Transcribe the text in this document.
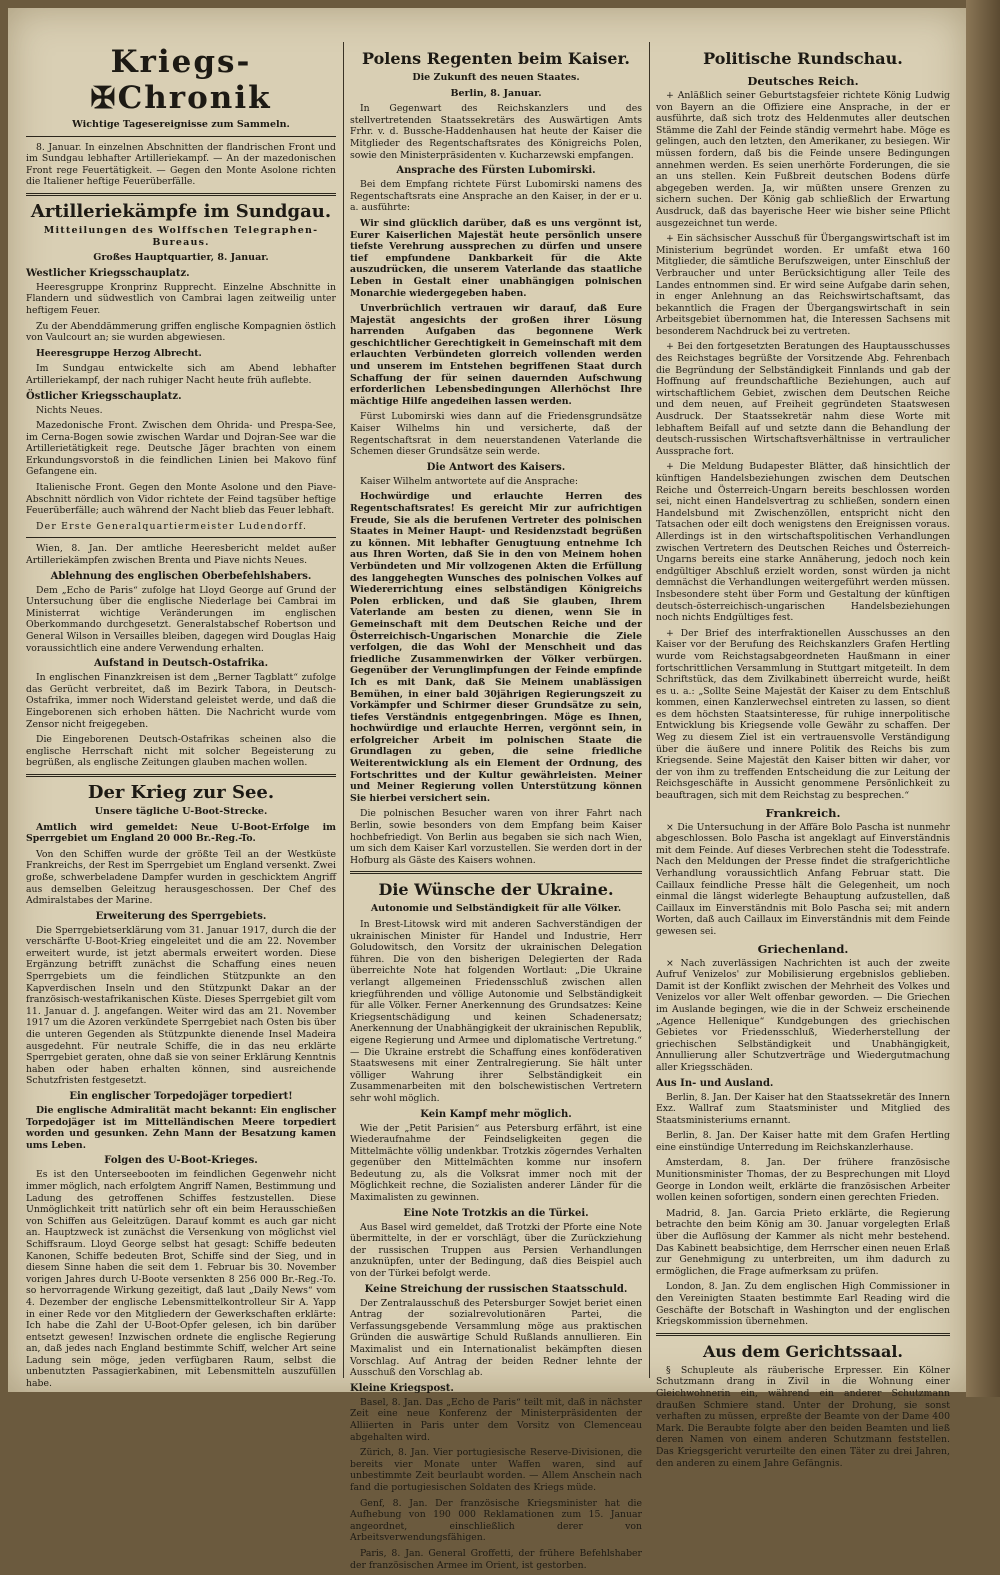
Kriegs-✠Chronik
Wichtige Tagesereignisse zum Sammeln.

8. Januar. In einzelnen Abschnitten der flandrischen Front und im Sundgau lebhafter Artilleriekampf. — An der mazedonischen Front rege Feuertätigkeit. — Gegen den Monte Asolone richten die Italiener heftige Feuerüberfälle.

Artilleriekämpfe im Sundgau.
Mitteilungen des Wolffschen Telegraphen-Bureaus.
Großes Hauptquartier, 8. Januar.
Westlicher Kriegsschauplatz.

Heeresgruppe Kronprinz Rupprecht. Einzelne Abschnitte in Flandern und südwestlich von Cambrai lagen zeitweilig unter heftigem Feuer.

Zu der Abenddämmerung griffen englische Kompagnien östlich von Vaulcourt an; sie wurden abgewiesen.

Heeresgruppe Herzog Albrecht.

Im Sundgau entwickelte sich am Abend lebhafter Artilleriekampf, der nach ruhiger Nacht heute früh auflebte.

Östlicher Kriegsschauplatz.

Nichts Neues.

Mazedonische Front. Zwischen dem Ohrida- und Prespa-See, im Cerna-Bogen sowie zwischen Wardar und Dojran-See war die Artillerietätigkeit rege. Deutsche Jäger brachten von einem Erkundungsvorstoß in die feindlichen Linien bei Makovo fünf Gefangene ein.

Italienische Front. Gegen den Monte Asolone und den Piave-Abschnitt nördlich von Vidor richtete der Feind tagsüber heftige Feuerüberfälle; auch während der Nacht blieb das Feuer lebhaft.

Der Erste Generalquartiermeister Ludendorff.

Wien, 8. Jan. Der amtliche Heeresbericht meldet außer Artilleriekämpfen zwischen Brenta und Piave nichts Neues.

Ablehnung des englischen Oberbefehlshabers.

Dem „Echo de Paris“ zufolge hat Lloyd George auf Grund der Untersuchung über die englische Niederlage bei Cambrai im Ministerrat wichtige Veränderungen im englischen Oberkommando durchgesetzt. Generalstabschef Robertson und General Wilson in Versailles bleiben, dagegen wird Douglas Haig voraussichtlich eine andere Verwendung erhalten.

Aufstand in Deutsch-Ostafrika.

In englischen Finanzkreisen ist dem „Berner Tagblatt“ zufolge das Gerücht verbreitet, daß im Bezirk Tabora, in Deutsch-Ostafrika, immer noch Widerstand geleistet werde, und daß die Eingeborenen sich erhoben hätten. Die Nachricht wurde vom Zensor nicht freigegeben.

Die Eingeborenen Deutsch-Ostafrikas scheinen also die englische Herrschaft nicht mit solcher Begeisterung zu begrüßen, als englische Zeitungen glauben machen wollen.

Der Krieg zur See.
Unsere tägliche U-Boot-Strecke.

Amtlich wird gemeldet: Neue U-Boot-Erfolge im Sperrgebiet um England 20 000 Br.-Reg.-To.

Von den Schiffen wurde der größte Teil an der Westküste Frankreichs, der Rest im Sperrgebiet um England versenkt. Zwei große, schwerbeladene Dampfer wurden in geschicktem Angriff aus demselben Geleitzug herausgeschossen. Der Chef des Admiralstabes der Marine.

Erweiterung des Sperrgebiets.

Die Sperrgebietserklärung vom 31. Januar 1917, durch die der verschärfte U-Boot-Krieg eingeleitet und die am 22. November erweitert wurde, ist jetzt abermals erweitert worden. Diese Ergänzung betrifft zunächst die Schaffung eines neuen Sperrgebiets um die feindlichen Stützpunkte an den Kapverdischen Inseln und den Stützpunkt Dakar an der französisch-westafrikanischen Küste. Dieses Sperrgebiet gilt vom 11. Januar d. J. angefangen. Weiter wird das am 21. November 1917 um die Azoren verkündete Sperrgebiet nach Osten bis über die unteren Gegenden als Stützpunkte dienende Insel Madeira ausgedehnt. Für neutrale Schiffe, die in das neu erklärte Sperrgebiet geraten, ohne daß sie von seiner Erklärung Kenntnis haben oder haben erhalten können, sind ausreichende Schutzfristen festgesetzt.

Ein englischer Torpedojäger torpediert!

Die englische Admiralität macht bekannt: Ein englischer Torpedojäger ist im Mittelländischen Meere torpediert worden und gesunken. Zehn Mann der Besatzung kamen ums Leben.

Folgen des U-Boot-Krieges.

Es ist den Unterseebooten im feindlichen Gegenwehr nicht immer möglich, nach erfolgtem Angriff Namen, Bestimmung und Ladung des getroffenen Schiffes festzustellen. Diese Unmöglichkeit tritt natürlich sehr oft ein beim Herausschießen von Schiffen aus Geleitzügen. Darauf kommt es auch gar nicht an. Hauptzweck ist zunächst die Versenkung von möglichst viel Schiffsraum. Lloyd George selbst hat gesagt: Schiffe bedeuten Kanonen, Schiffe bedeuten Brot, Schiffe sind der Sieg, und in diesem Sinne haben die seit dem 1. Februar bis 30. November vorigen Jahres durch U-Boote versenkten 8 256 000 Br.-Reg.-To. so hervorragende Wirkung gezeitigt, daß laut „Daily News“ vom 4. Dezember der englische Lebensmittelkontrolleur Sir A. Yapp in einer Rede vor den Mitgliedern der Gewerkschaften erklärte: Ich habe die Zahl der U-Boot-Opfer gelesen, ich bin darüber entsetzt gewesen! Inzwischen ordnete die englische Regierung an, daß jedes nach England bestimmte Schiff, welcher Art seine Ladung sein möge, jeden verfügbaren Raum, selbst die unbenutzten Passagierkabinen, mit Lebensmitteln auszufüllen habe.

Polens Regenten beim Kaiser.
Die Zukunft des neuen Staates.
Berlin, 8. Januar.

In Gegenwart des Reichskanzlers und des stellvertretenden Staatssekretärs des Auswärtigen Amts Frhr. v. d. Bussche-Haddenhausen hat heute der Kaiser die Mitglieder des Regentschaftsrates des Königreichs Polen, sowie den Ministerpräsidenten v. Kucharzewski empfangen.

Ansprache des Fürsten Lubomirski.

Bei dem Empfang richtete Fürst Lubomirski namens des Regentschaftsrats eine Ansprache an den Kaiser, in der er u. a. ausführte:

Wir sind glücklich darüber, daß es uns vergönnt ist, Eurer Kaiserlichen Majestät heute persönlich unsere tiefste Verehrung aussprechen zu dürfen und unsere tief empfundene Dankbarkeit für die Akte auszudrücken, die unserem Vaterlande das staatliche Leben in Gestalt einer unabhängigen polnischen Monarchie wiedergegeben haben.

Unverbrüchlich vertrauen wir darauf, daß Eure Majestät angesichts der großen ihrer Lösung harrenden Aufgaben das begonnene Werk geschichtlicher Gerechtigkeit in Gemeinschaft mit dem erlauchten Verbündeten glorreich vollenden werden und unserem im Entstehen begriffenen Staat durch Schaffung der für seinen dauernden Aufschwung erforderlichen Lebensbedingungen Allerhöchst Ihre mächtige Hilfe angedeihen lassen werden.

Fürst Lubomirski wies dann auf die Friedensgrundsätze Kaiser Wilhelms hin und versicherte, daß der Regentschaftsrat in dem neuerstandenen Vaterlande die Schemen dieser Grundsätze sein werde.

Die Antwort des Kaisers.

Kaiser Wilhelm antwortete auf die Ansprache:

Hochwürdige und erlauchte Herren des Regentschaftsrates! Es gereicht Mir zur aufrichtigen Freude, Sie als die berufenen Vertreter des polnischen Staates in Meiner Haupt- und Residenzstadt begrüßen zu können. Mit lebhafter Genugtuung entnehme Ich aus Ihren Worten, daß Sie in den von Meinem hohen Verbündeten und Mir vollzogenen Akten die Erfüllung des langgehegten Wunsches des polnischen Volkes auf Wiedererrichtung eines selbständigen Königreichs Polen erblicken, und daß Sie glauben, Ihrem Vaterlande am besten zu dienen, wenn Sie in Gemeinschaft mit dem Deutschen Reiche und der Österreichisch-Ungarischen Monarchie die Ziele verfolgen, die das Wohl der Menschheit und das friedliche Zusammenwirken der Völker verbürgen. Gegenüber der Verunglimpfungen der Feinde empfinde Ich es mit Dank, daß Sie Meinem unablässigen Bemühen, in einer bald 30jährigen Regierungszeit zu Vorkämpfer und Schirmer dieser Grundsätze zu sein, tiefes Verständnis entgegenbringen. Möge es Ihnen, hochwürdige und erlauchte Herren, vergönnt sein, in erfolgreicher Arbeit im polnischen Staate die Grundlagen zu geben, die seine friedliche Weiterentwicklung als ein Element der Ordnung, des Fortschrittes und der Kultur gewährleisten. Meiner und Meiner Regierung vollen Unterstützung können Sie hierbei versichert sein.

Die polnischen Besucher waren von ihrer Fahrt nach Berlin, sowie besonders von dem Empfang beim Kaiser hochbefriedigt. Von Berlin aus begaben sie sich nach Wien, um sich dem Kaiser Karl vorzustellen. Sie werden dort in der Hofburg als Gäste des Kaisers wohnen.

Die Wünsche der Ukraine.
Autonomie und Selbständigkeit für alle Völker.

In Brest-Litowsk wird mit anderen Sachverständigen der ukrainischen Minister für Handel und Industrie, Herr Goludowitsch, den Vorsitz der ukrainischen Delegation führen. Die von den bisherigen Delegierten der Rada überreichte Note hat folgenden Wortlaut: „Die Ukraine verlangt allgemeinen Friedensschluß zwischen allen kriegführenden und völlige Autonomie und Selbständigkeit für alle Völker. Ferner Anerkennung des Grundsatzes: Keine Kriegsentschädigung und keinen Schadenersatz; Anerkennung der Unabhängigkeit der ukrainischen Republik, eigene Regierung und Armee und diplomatische Vertretung.“ — Die Ukraine erstrebt die Schaffung eines konföderativen Staatswesens mit einer Zentralregierung. Sie hält unter völliger Wahrung ihrer Selbständigkeit ein Zusammenarbeiten mit den bolschewistischen Vertretern sehr wohl möglich.

Kein Kampf mehr möglich.

Wie der „Petit Parisien“ aus Petersburg erfährt, ist eine Wiederaufnahme der Feindseligkeiten gegen die Mittelmächte völlig undenkbar. Trotzkis zögerndes Verhalten gegenüber den Mittelmächten komme nur insofern Bedeutung zu, als die Volksrat immer noch mit der Möglichkeit rechne, die Sozialisten anderer Länder für die Maximalisten zu gewinnen.

Eine Note Trotzkis an die Türkei.

Aus Basel wird gemeldet, daß Trotzki der Pforte eine Note übermittelte, in der er vorschlägt, über die Zurückziehung der russischen Truppen aus Persien Verhandlungen anzuknüpfen, unter der Bedingung, daß dies Beispiel auch von der Türkei befolgt werde.

Keine Streichung der russischen Staatsschuld.

Der Zentralausschuß des Petersburger Sowjet beriet einen Antrag der sozialrevolutionären Partei, die Verfassungsgebende Versammlung möge aus praktischen Gründen die auswärtige Schuld Rußlands annullieren. Ein Maximalist und ein Internationalist bekämpften diesen Vorschlag. Auf Antrag der beiden Redner lehnte der Ausschuß den Vorschlag ab.

Kleine Kriegspost.

Basel, 8. Jan. Das „Echo de Paris“ teilt mit, daß in nächster Zeit eine neue Konferenz der Ministerpräsidenten der Alliierten in Paris unter dem Vorsitz von Clemenceau abgehalten wird.

Zürich, 8. Jan. Vier portugiesische Reserve-Divisionen, die bereits vier Monate unter Waffen waren, sind auf unbestimmte Zeit beurlaubt worden. — Allem Anschein nach fand die portugiesischen Soldaten des Kriegs müde.

Genf, 8. Jan. Der französische Kriegsminister hat die Aufhebung von 190 000 Reklamationen zum 15. Januar angeordnet, einschließlich derer von Arbeitsverwendungsfähigen.

Paris, 8. Jan. General Groffetti, der frühere Befehlshaber der französischen Armee im Orient, ist gestorben.

Politische Rundschau.
Deutsches Reich.

+ Anläßlich seiner Geburtstagsfeier richtete König Ludwig von Bayern an die Offiziere eine Ansprache, in der er ausführte, daß sich trotz des Heldenmutes aller deutschen Stämme die Zahl der Feinde ständig vermehrt habe. Möge es gelingen, auch den letzten, den Amerikaner, zu besiegen. Wir müssen fordern, daß bis die Feinde unsere Bedingungen annehmen werden. Es seien unerhörte Forderungen, die sie an uns stellen. Kein Fußbreit deutschen Bodens dürfe abgegeben werden. Ja, wir müßten unsere Grenzen zu sichern suchen. Der König gab schließlich der Erwartung Ausdruck, daß das bayerische Heer wie bisher seine Pflicht ausgezeichnet tun werde.

+ Ein sächsischer Ausschuß für Übergangswirtschaft ist im Ministerium begründet worden. Er umfaßt etwa 160 Mitglieder, die sämtliche Berufszweigen, unter Einschluß der Verbraucher und unter Berücksichtigung aller Teile des Landes entnommen sind. Er wird seine Aufgabe darin sehen, in enger Anlehnung an das Reichswirtschaftsamt, das bekanntlich die Fragen der Übergangswirtschaft in sein Arbeitsgebiet übernommen hat, die Interessen Sachsens mit besonderem Nachdruck bei zu vertreten.

+ Bei den fortgesetzten Beratungen des Hauptausschusses des Reichstages begrüßte der Vorsitzende Abg. Fehrenbach die Begründung der Selbständigkeit Finnlands und gab der Hoffnung auf freundschaftliche Beziehungen, auch auf wirtschaftlichem Gebiet, zwischen dem Deutschen Reiche und dem neuen, auf Freiheit gegründeten Staatswesen Ausdruck. Der Staatssekretär nahm diese Worte mit lebhaftem Beifall auf und setzte dann die Behandlung der deutsch-russischen Wirtschaftsverhältnisse in vertraulicher Aussprache fort.

+ Die Meldung Budapester Blätter, daß hinsichtlich der künftigen Handelsbeziehungen zwischen dem Deutschen Reiche und Österreich-Ungarn bereits beschlossen worden sei, nicht einen Handelsvertrag zu schließen, sondern einen Handelsbund mit Zwischenzöllen, entspricht nicht den Tatsachen oder eilt doch wenigstens den Ereignissen voraus. Allerdings ist in den wirtschaftspolitischen Verhandlungen zwischen Vertretern des Deutschen Reiches und Österreich-Ungarns bereits eine starke Annäherung, jedoch noch kein endgültiger Abschluß erzielt worden, sonst würden ja nicht demnächst die Verhandlungen weitergeführt werden müssen. Insbesondere steht über Form und Gestaltung der künftigen deutsch-österreichisch-ungarischen Handelsbeziehungen noch nichts Endgültiges fest.

+ Der Brief des interfraktionellen Ausschusses an den Kaiser vor der Berufung des Reichskanzlers Grafen Hertling wurde vom Reichstagsabgeordneten Haußmann in einer fortschrittlichen Versammlung in Stuttgart mitgeteilt. In dem Schriftstück, das dem Zivilkabinett überreicht wurde, heißt es u. a.: „Sollte Seine Majestät der Kaiser zu dem Entschluß kommen, einen Kanzlerwechsel eintreten zu lassen, so dient es dem höchsten Staatsinteresse, für ruhige innerpolitische Entwicklung bis Kriegsende volle Gewähr zu schaffen. Der Weg zu diesem Ziel ist ein vertrauensvolle Verständigung über die äußere und innere Politik des Reichs bis zum Kriegsende. Seine Majestät den Kaiser bitten wir daher, vor der von ihm zu treffenden Entscheidung die zur Leitung der Reichsgeschäfte in Aussicht genommene Persönlichkeit zu beauftragen, sich mit dem Reichstag zu besprechen.“

Frankreich.

× Die Untersuchung in der Affäre Bolo Pascha ist nunmehr abgeschlossen. Bolo Pascha ist angeklagt auf Einverständnis mit dem Feinde. Auf dieses Verbrechen steht die Todesstrafe. Nach den Meldungen der Presse findet die strafgerichtliche Verhandlung voraussichtlich Anfang Februar statt. Die Caillaux feindliche Presse hält die Gelegenheit, um noch einmal die längst widerlegte Behauptung aufzustellen, daß Caillaux im Einverständnis mit Bolo Pascha sei; mit andern Worten, daß auch Caillaux im Einverständnis mit dem Feinde gewesen sei.

Griechenland.

× Nach zuverlässigen Nachrichten ist auch der zweite Aufruf Venizelos' zur Mobilisierung ergebnislos geblieben. Damit ist der Konflikt zwischen der Mehrheit des Volkes und Venizelos vor aller Welt offenbar geworden. — Die Griechen im Auslande begingen, wie die in der Schweiz erscheinende „Agence Hellenique“ Kundgebungen des griechischen Gebietes vor Friedensschluß, Wiederherstellung der griechischen Selbständigkeit und Unabhängigkeit, Annullierung aller Schutzverträge und Wiedergutmachung aller Kriegsschäden.

Aus In- und Ausland.

Berlin, 8. Jan. Der Kaiser hat den Staatssekretär des Innern Exz. Wallraf zum Staatsminister und Mitglied des Staatsministeriums ernannt.

Berlin, 8. Jan. Der Kaiser hatte mit dem Grafen Hertling eine einstündige Unterredung im Reichskanzlerhause.

Amsterdam, 8. Jan. Der frühere französische Munitionsminister Thomas, der zu Besprechungen mit Lloyd George in London weilt, erklärte die französischen Arbeiter wollen keinen sofortigen, sondern einen gerechten Frieden.

Madrid, 8. Jan. Garcia Prieto erklärte, die Regierung betrachte den beim König am 30. Januar vorgelegten Erlaß über die Auflösung der Kammer als nicht mehr bestehend. Das Kabinett beabsichtige, dem Herrscher einen neuen Erlaß zur Genehmigung zu unterbreiten, um ihm dadurch zu ermöglichen, die Frage aufmerksam zu prüfen.

London, 8. Jan. Zu dem englischen High Commissioner in den Vereinigten Staaten bestimmte Earl Reading wird die Geschäfte der Botschaft in Washington und der englischen Kriegskommission übernehmen.

Aus dem Gerichtssaal.

§ Schupleute als räuberische Erpresser. Ein Kölner Schutzmann drang in Zivil in die Wohnung einer Gleichwohnerin ein, während ein anderer Schutzmann draußen Schmiere stand. Unter der Drohung, sie sonst verhaften zu müssen, erpreßte der Beamte von der Dame 400 Mark. Die Beraubte folgte aber den beiden Beamten und ließ deren Namen von einem anderen Schutzmann feststellen. Das Kriegsgericht verurteilte den einen Täter zu drei Jahren, den anderen zu einem Jahre Gefängnis.
